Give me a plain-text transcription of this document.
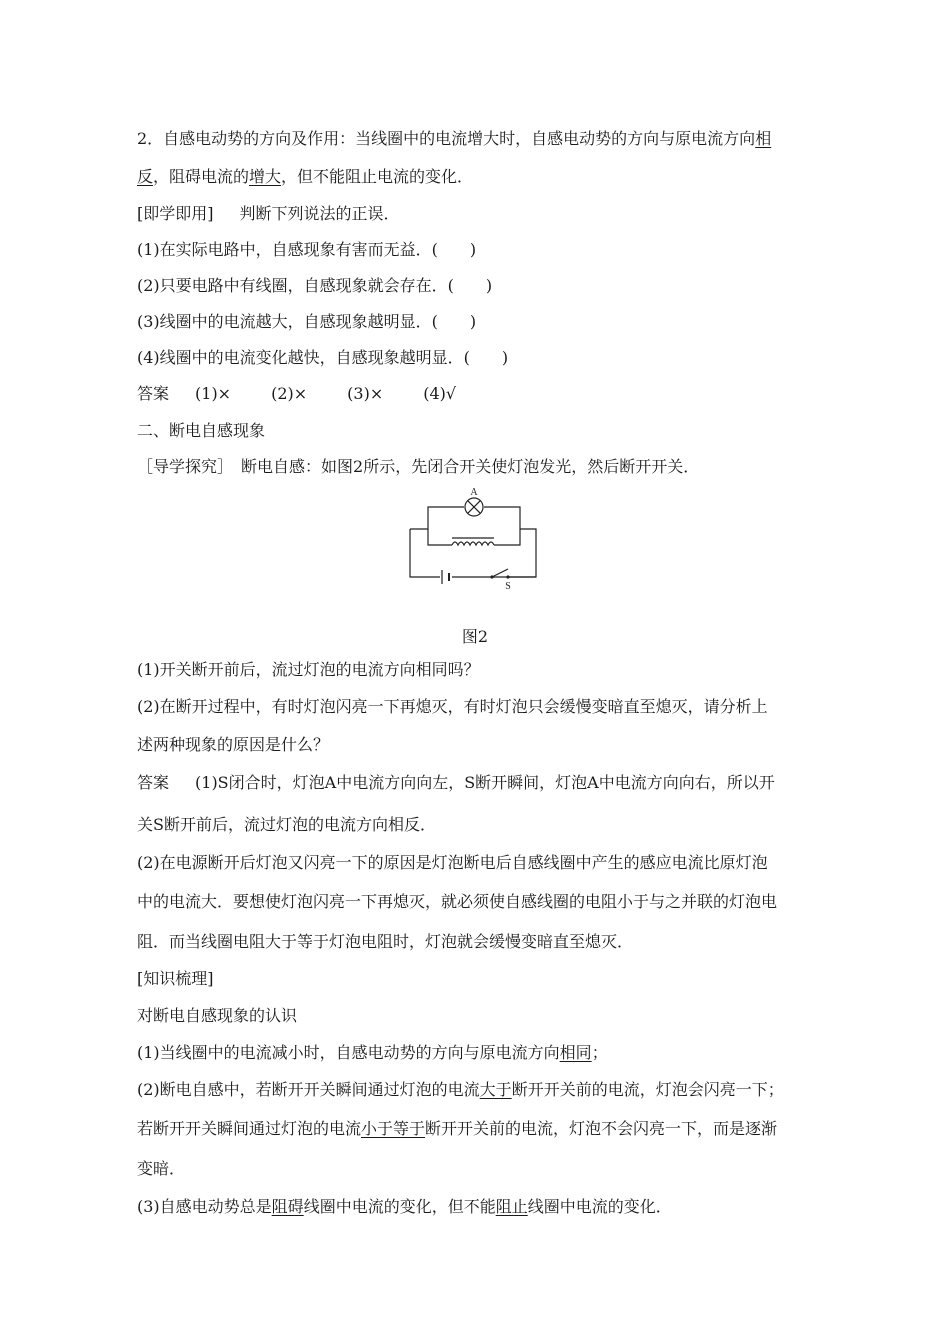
2．自感电动势的方向及作用：当线圈中的电流增大时，自感电动势的方向与原电流方向相
反，阻碍电流的增大，但不能阻止电流的变化．
[即学即用] 判断下列说法的正误．
(1)在实际电路中，自感现象有害而无益．(　　)
(2)只要电路中有线圈，自感现象就会存在．(　　)
(3)线圈中的电流越大，自感现象越明显．(　　)
(4)线圈中的电流变化越快，自感现象越明显．(　　)
答案 (1)×	(2)×	(3)×	(4)√
二、断电自感现象
［导学探究］ 断电自感：如图2所示，先闭合开关使灯泡发光，然后断开开关．
A
S
图2
(1)开关断开前后，流过灯泡的电流方向相同吗？
(2)在断开过程中，有时灯泡闪亮一下再熄灭，有时灯泡只会缓慢变暗直至熄灭，请分析上
述两种现象的原因是什么？
答案 (1)S闭合时，灯泡A中电流方向向左，S断开瞬间，灯泡A中电流方向向右，所以开
关S断开前后，流过灯泡的电流方向相反．
(2)在电源断开后灯泡又闪亮一下的原因是灯泡断电后自感线圈中产生的感应电流比原灯泡
中的电流大．要想使灯泡闪亮一下再熄灭，就必须使自感线圈的电阻小于与之并联的灯泡电
阻．而当线圈电阻大于等于灯泡电阻时，灯泡就会缓慢变暗直至熄灭．
[知识梳理]
对断电自感现象的认识
(1)当线圈中的电流减小时，自感电动势的方向与原电流方向相同；
(2)断电自感中，若断开开关瞬间通过灯泡的电流大于断开开关前的电流，灯泡会闪亮一下；
若断开开关瞬间通过灯泡的电流小于等于断开开关前的电流，灯泡不会闪亮一下，而是逐渐
变暗．
(3)自感电动势总是阻碍线圈中电流的变化，但不能阻止线圈中电流的变化．
